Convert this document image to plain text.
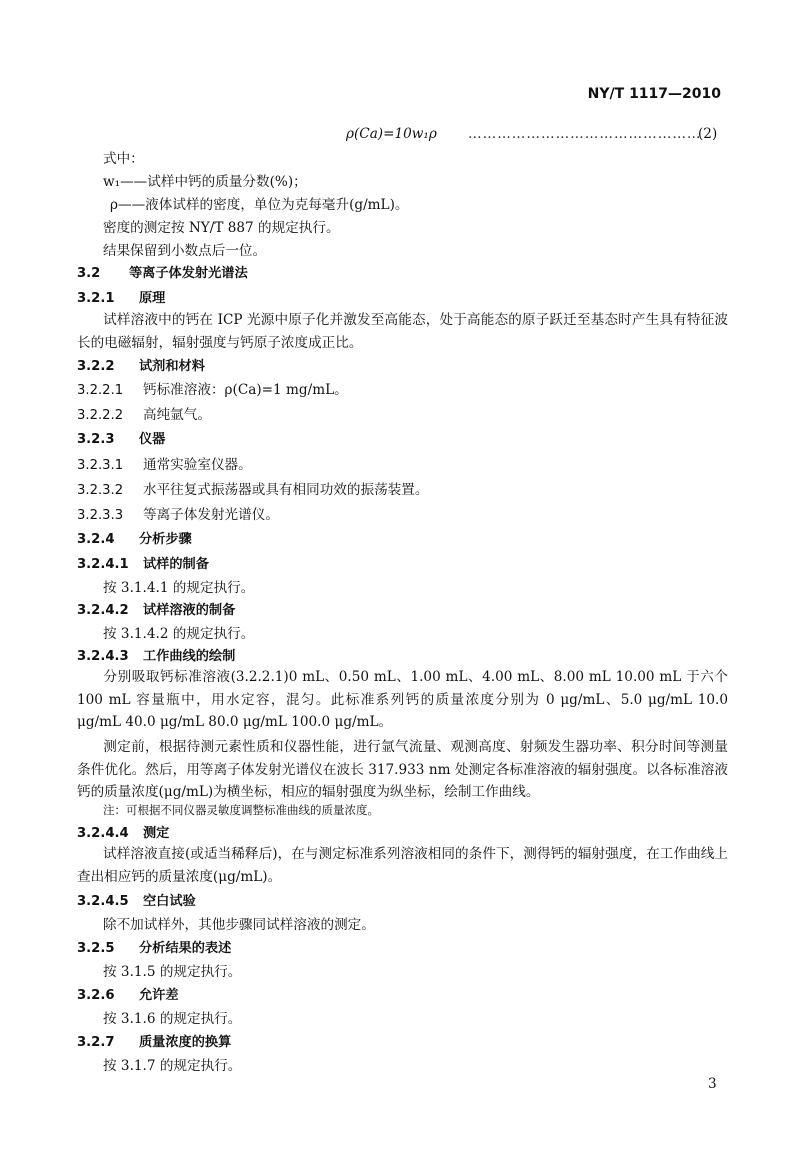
NY/T 1117—2010
ρ(Ca)=10w₁ρ …………………………………………
(2)
式中：
w₁——试样中钙的质量分数(%)；
ρ——液体试样的密度，单位为克每毫升(g/mL)。
密度的测定按 NY/T 887 的规定执行。
结果保留到小数点后一位。
3.2 等离子体发射光谱法
3.2.1 原理
试样溶液中的钙在 ICP 光源中原子化并激发至高能态，处于高能态的原子跃迁至基态时产生具有特征波长的电磁辐射，辐射强度与钙原子浓度成正比。
3.2.2 试剂和材料
3.2.2.1 钙标准溶液：ρ(Ca)=1 mg/mL。
3.2.2.2 高纯氩气。
3.2.3 仪器
3.2.3.1 通常实验室仪器。
3.2.3.2 水平往复式振荡器或具有相同功效的振荡装置。
3.2.3.3 等离子体发射光谱仪。
3.2.4 分析步骤
3.2.4.1 试样的制备
按 3.1.4.1 的规定执行。
3.2.4.2 试样溶液的制备
按 3.1.4.2 的规定执行。
3.2.4.3 工作曲线的绘制
分别吸取钙标准溶液(3.2.2.1)0 mL、0.50 mL、1.00 mL、4.00 mL、8.00 mL 10.00 mL 于六个 100 mL 容量瓶中，用水定容，混匀。此标准系列钙的质量浓度分别为 0 μg/mL、5.0 μg/mL 10.0 μg/mL 40.0 μg/mL 80.0 μg/mL 100.0 μg/mL。
测定前，根据待测元素性质和仪器性能，进行氩气流量、观测高度、射频发生器功率、积分时间等测量条件优化。然后，用等离子体发射光谱仪在波长 317.933 nm 处测定各标准溶液的辐射强度。以各标准溶液钙的质量浓度(μg/mL)为横坐标，相应的辐射强度为纵坐标，绘制工作曲线。
注：可根据不同仪器灵敏度调整标准曲线的质量浓度。
3.2.4.4 测定
试样溶液直接(或适当稀释后)，在与测定标准系列溶液相同的条件下，测得钙的辐射强度，在工作曲线上查出相应钙的质量浓度(μg/mL)。
3.2.4.5 空白试验
除不加试样外，其他步骤同试样溶液的测定。
3.2.5 分析结果的表述
按 3.1.5 的规定执行。
3.2.6 允许差
按 3.1.6 的规定执行。
3.2.7 质量浓度的换算
按 3.1.7 的规定执行。
3
